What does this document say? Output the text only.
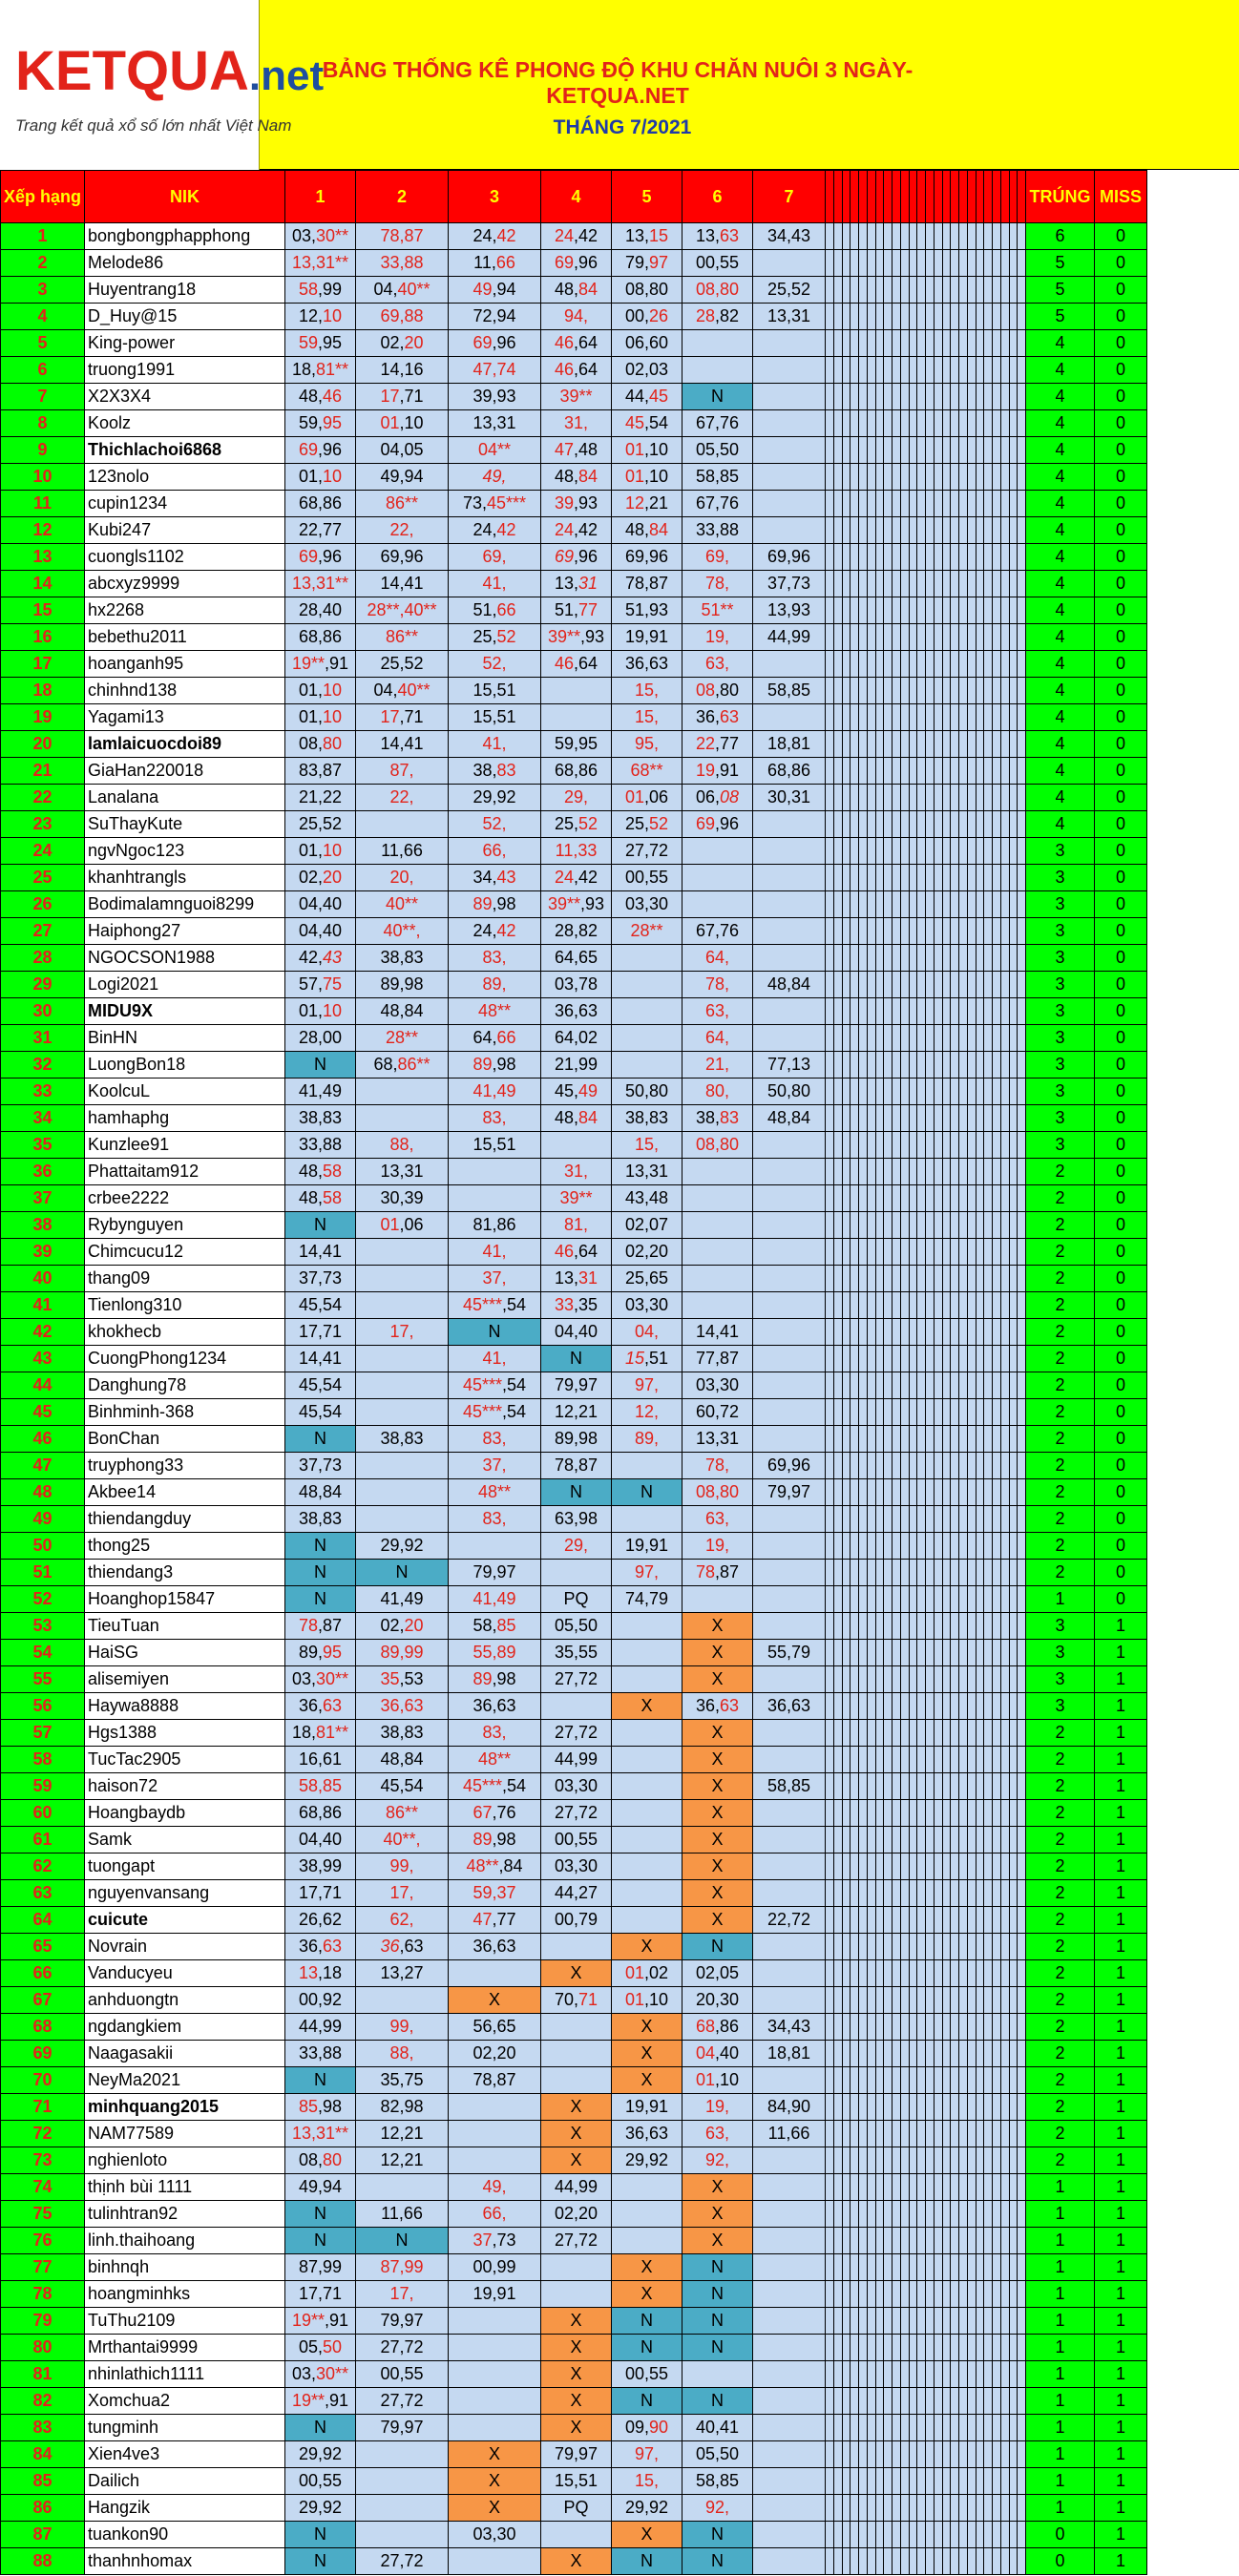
KETQUA.net
Trang kết quả xổ số lớn nhất Việt Nam
BẢNG THỐNG KÊ PHONG ĐỘ KHU CHĂN NUÔI 3 NGÀY- KETQUA.NET
THÁNG 7/2021
Xếp hạng	NIK	1	2	3	4	5	6	7																									TRÚNG	MISS
1	bongbongphapphong	03,30**	78,87	24,42	24,42	13,15	13,63	34,43																									6	0
2	Melode86	13,31**	33,88	11,66	69,96	79,97	00,55																										5	0
3	Huyentrang18	58,99	04,40**	49,94	48,84	08,80	08,80	25,52																									5	0
4	D_Huy@15	12,10	69,88	72,94	94,	00,26	28,82	13,31																									5	0
5	King-power	59,95	02,20	69,96	46,64	06,60																											4	0
6	truong1991	18,81**	14,16	47,74	46,64	02,03																											4	0
7	X2X3X4	48,46	17,71	39,93	39**	44,45	N																										4	0
8	Koolz	59,95	01,10	13,31	31,	45,54	67,76																										4	0
9	Thichlachoi6868	69,96	04,05	04**	47,48	01,10	05,50																										4	0
10	123nolo	01,10	49,94	49,	48,84	01,10	58,85																										4	0
11	cupin1234	68,86	86**	73,45***	39,93	12,21	67,76																										4	0
12	Kubi247	22,77	22,	24,42	24,42	48,84	33,88																										4	0
13	cuongls1102	69,96	69,96	69,	69,96	69,96	69,	69,96																									4	0
14	abcxyz9999	13,31**	14,41	41,	13,31	78,87	78,	37,73																									4	0
15	hx2268	28,40	28**,40**	51,66	51,77	51,93	51**	13,93																									4	0
16	bebethu2011	68,86	86**	25,52	39**,93	19,91	19,	44,99																									4	0
17	hoanganh95	19**,91	25,52	52,	46,64	36,63	63,																										4	0
18	chinhnd138	01,10	04,40**	15,51		15,	08,80	58,85																									4	0
19	Yagami13	01,10	17,71	15,51		15,	36,63																										4	0
20	lamlaicuocdoi89	08,80	14,41	41,	59,95	95,	22,77	18,81																									4	0
21	GiaHan220018	83,87	87,	38,83	68,86	68**	19,91	68,86																									4	0
22	Lanalana	21,22	22,	29,92	29,	01,06	06,08	30,31																									4	0
23	SuThayKute	25,52		52,	25,52	25,52	69,96																										4	0
24	ngvNgoc123	01,10	11,66	66,	11,33	27,72																											3	0
25	khanhtrangls	02,20	20,	34,43	24,42	00,55																											3	0
26	Bodimalamnguoi8299	04,40	40**	89,98	39**,93	03,30																											3	0
27	Haiphong27	04,40	40**,	24,42	28,82	28**	67,76																										3	0
28	NGOCSON1988	42,43	38,83	83,	64,65		64,																										3	0
29	Logi2021	57,75	89,98	89,	03,78		78,	48,84																									3	0
30	MIDU9X	01,10	48,84	48**	36,63		63,																										3	0
31	BinHN	28,00	28**	64,66	64,02		64,																										3	0
32	LuongBon18	N	68,86**	89,98	21,99		21,	77,13																									3	0
33	KoolcuL	41,49		41,49	45,49	50,80	80,	50,80																									3	0
34	hamhaphg	38,83		83,	48,84	38,83	38,83	48,84																									3	0
35	Kunzlee91	33,88	88,	15,51		15,	08,80																										3	0
36	Phattaitam912	48,58	13,31		31,	13,31																											2	0
37	crbee2222	48,58	30,39		39**	43,48																											2	0
38	Rybynguyen	N	01,06	81,86	81,	02,07																											2	0
39	Chimcucu12	14,41		41,	46,64	02,20																											2	0
40	thang09	37,73		37,	13,31	25,65																											2	0
41	Tienlong310	45,54		45***,54	33,35	03,30																											2	0
42	khokhecb	17,71	17,	N	04,40	04,	14,41																										2	0
43	CuongPhong1234	14,41		41,	N	15,51	77,87																										2	0
44	Danghung78	45,54		45***,54	79,97	97,	03,30																										2	0
45	Binhminh-368	45,54		45***,54	12,21	12,	60,72																										2	0
46	BonChan	N	38,83	83,	89,98	89,	13,31																										2	0
47	truyphong33	37,73		37,	78,87		78,	69,96																									2	0
48	Akbee14	48,84		48**	N	N	08,80	79,97																									2	0
49	thiendangduy	38,83		83,	63,98		63,																										2	0
50	thong25	N	29,92		29,	19,91	19,																										2	0
51	thiendang3	N	N	79,97		97,	78,87																										2	0
52	Hoanghop15847	N	41,49	41,49	PQ	74,79																											1	0
53	TieuTuan	78,87	02,20	58,85	05,50		X																										3	1
54	HaiSG	89,95	89,99	55,89	35,55		X	55,79																									3	1
55	alisemiyen	03,30**	35,53	89,98	27,72		X																										3	1
56	Haywa8888	36,63	36,63	36,63		X	36,63	36,63																									3	1
57	Hgs1388	18,81**	38,83	83,	27,72		X																										2	1
58	TucTac2905	16,61	48,84	48**	44,99		X																										2	1
59	haison72	58,85	45,54	45***,54	03,30		X	58,85																									2	1
60	Hoangbaydb	68,86	86**	67,76	27,72		X																										2	1
61	Samk	04,40	40**,	89,98	00,55		X																										2	1
62	tuongapt	38,99	99,	48**,84	03,30		X																										2	1
63	nguyenvansang	17,71	17,	59,37	44,27		X																										2	1
64	cuicute	26,62	62,	47,77	00,79		X	22,72																									2	1
65	Novrain	36,63	36,63	36,63		X	N																										2	1
66	Vanducyeu	13,18	13,27		X	01,02	02,05																										2	1
67	anhduongtn	00,92		X	70,71	01,10	20,30																										2	1
68	ngdangkiem	44,99	99,	56,65		X	68,86	34,43																									2	1
69	Naagasakii	33,88	88,	02,20		X	04,40	18,81																									2	1
70	NeyMa2021	N	35,75	78,87		X	01,10																										2	1
71	minhquang2015	85,98	82,98		X	19,91	19,	84,90																									2	1
72	NAM77589	13,31**	12,21		X	36,63	63,	11,66																									2	1
73	nghienloto	08,80	12,21		X	29,92	92,																										2	1
74	thịnh bùi 1111	49,94		49,	44,99		X																										1	1
75	tulinhtran92	N	11,66	66,	02,20		X																										1	1
76	linh.thaihoang	N	N	37,73	27,72		X																										1	1
77	binhnqh	87,99	87,99	00,99		X	N																										1	1
78	hoangminhks	17,71	17,	19,91		X	N																										1	1
79	TuThu2109	19**,91	79,97		X	N	N																										1	1
80	Mrthantai9999	05,50	27,72		X	N	N																										1	1
81	nhinlathich1111	03,30**	00,55		X	00,55																											1	1
82	Xomchua2	19**,91	27,72		X	N	N																										1	1
83	tungminh	N	79,97		X	09,90	40,41																										1	1
84	Xien4ve3	29,92		X	79,97	97,	05,50																										1	1
85	Dailich	00,55		X	15,51	15,	58,85																										1	1
86	Hangzik	29,92		X	PQ	29,92	92,																										1	1
87	tuankon90	N		03,30		X	N																										0	1
88	thanhnhomax	N	27,72		X	N	N																										0	1
